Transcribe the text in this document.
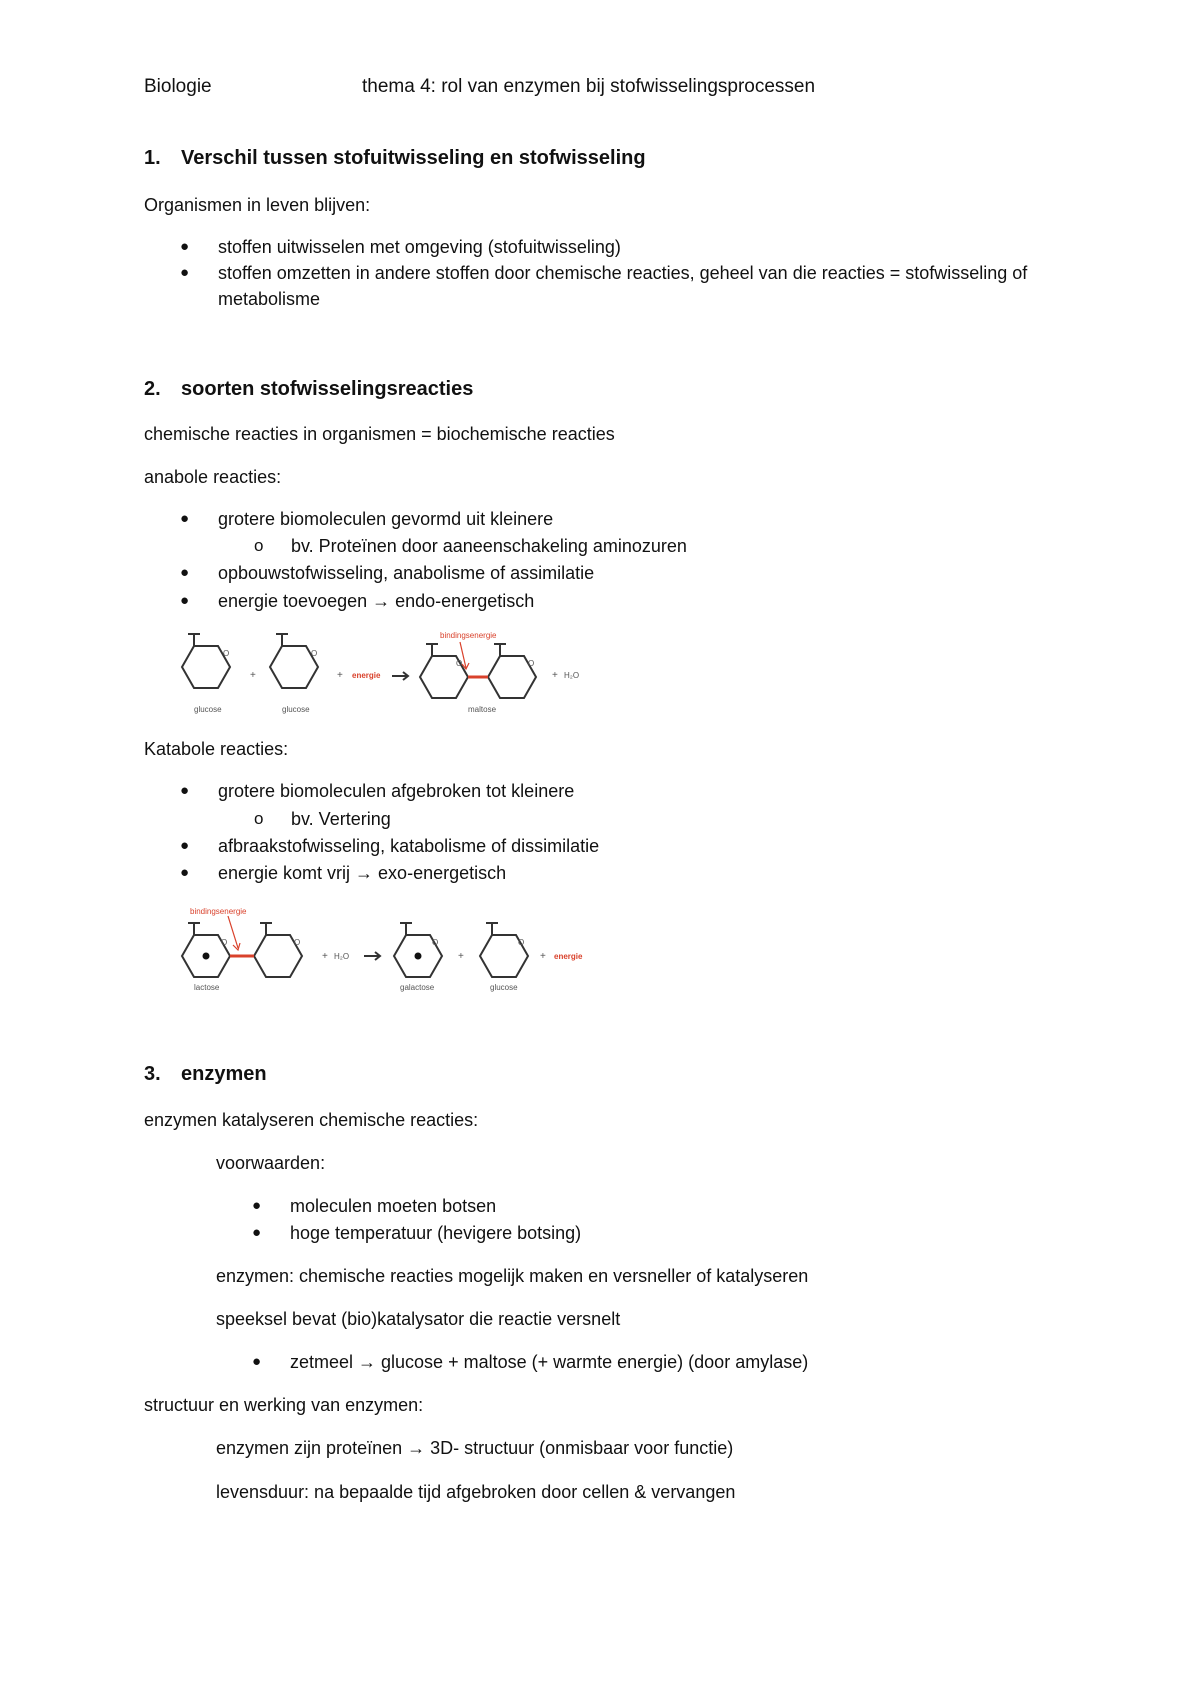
Biologie	thema 4: rol van enzymen bij stofwisselingsprocessen
1. Verschil tussen stofuitwisseling en stofwisseling
Organismen in leven blijven:
● stoffen uitwisselen met omgeving (stofuitwisseling)
● stoffen omzetten in andere stoffen door chemische reacties, geheel van die reacties = stofwisseling of
metabolisme
2. soorten stofwisselingsreacties
chemische reacties in organismen = biochemische reacties
anabole reacties:
● grotere biomoleculen gevormd uit kleinere
o bv. Proteïnen door aaneenschakeling aminozuren
● opbouwstofwisseling, anabolisme of assimilatie
● energie toevoegen → endo-energetisch
O	O
O	O
+	+	+ H₂O
glucose	glucose	maltose
energie
bindingsenergie
Katabole reacties:
● grotere biomoleculen afgebroken tot kleinere
o bv. Vertering
● afbraakstofwisseling, katabolisme of dissimilatie
● energie komt vrij → exo-energetisch
O	O	O	O
+	+	+
H₂O
lactose	galactose	glucose
bindingsenergie
energie
3. enzymen
enzymen katalyseren chemische reacties:
voorwaarden:
● moleculen moeten botsen
● hoge temperatuur (hevigere botsing)
enzymen: chemische reacties mogelijk maken en versneller of katalyseren
speeksel bevat (bio)katalysator die reactie versnelt
● zetmeel → glucose + maltose (+ warmte energie) (door amylase)
structuur en werking van enzymen:
enzymen zijn proteïnen → 3D- structuur (onmisbaar voor functie)
levensduur: na bepaalde tijd afgebroken door cellen & vervangen
